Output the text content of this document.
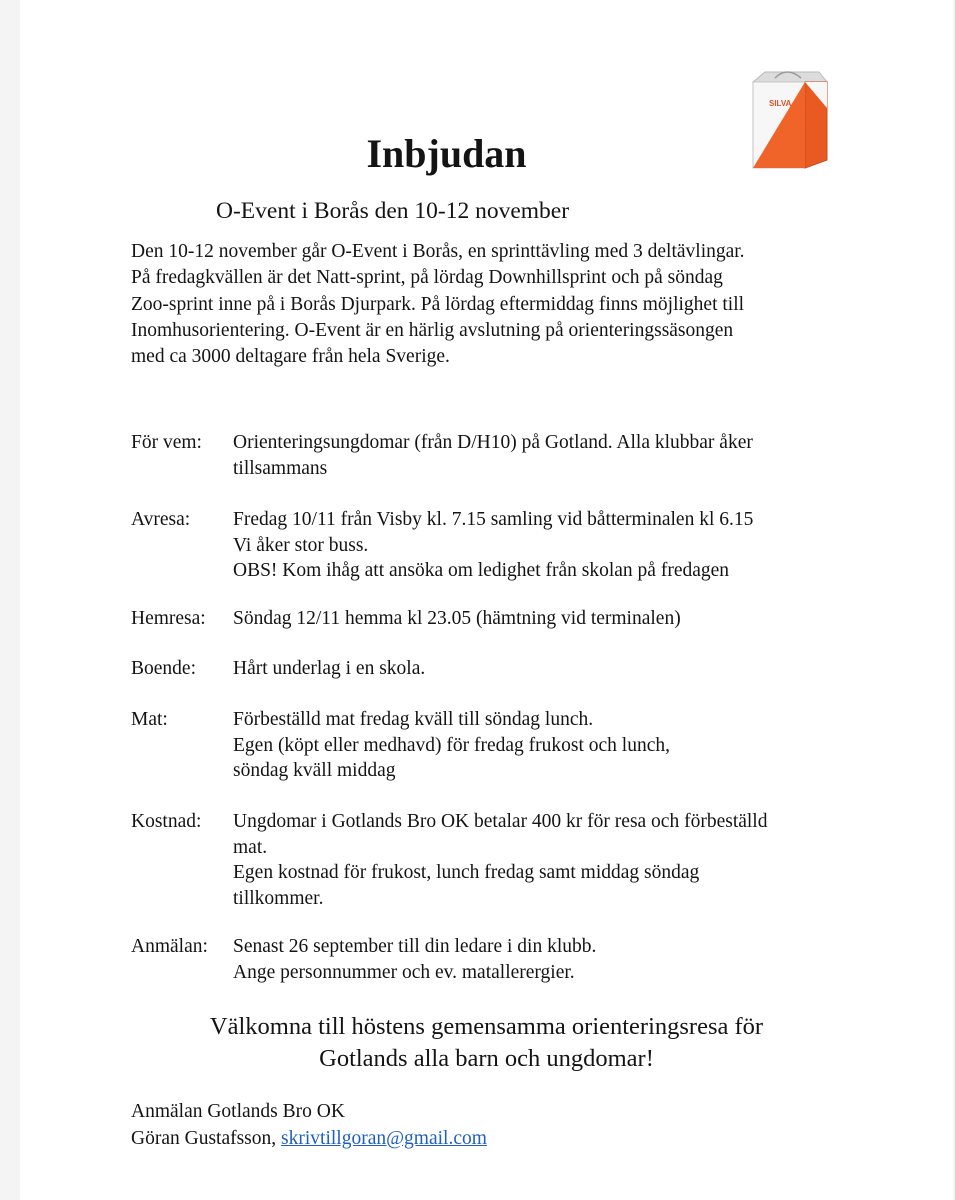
SILVA
Inbjudan
O-Event i Borås den 10-12 november
Den 10-12 november går O-Event i Borås, en sprinttävling med 3 deltävlingar.
På fredagkvällen är det Natt-sprint, på lördag Downhillsprint och på söndag
Zoo-sprint inne på i Borås Djurpark. På lördag eftermiddag finns möjlighet till
Inomhusorientering. O-Event är en härlig avslutning på orienteringssäsongen
med ca 3000 deltagare från hela Sverige.
För vem: Orienteringsungdomar (från D/H10) på Gotland. Alla klubbar åker
tillsammans
Avresa: Fredag 10/11 från Visby kl. 7.15 samling vid båtterminalen kl 6.15
Vi åker stor buss.
OBS! Kom ihåg att ansöka om ledighet från skolan på fredagen
Hemresa: Söndag 12/11 hemma kl 23.05 (hämtning vid terminalen)
Boende: Hårt underlag i en skola.
Mat:	Förbeställd mat fredag kväll till söndag lunch.
Egen (köpt eller medhavd) för fredag frukost och lunch,
söndag kväll middag
Kostnad: Ungdomar i Gotlands Bro OK betalar 400 kr för resa och förbeställd
mat.
Egen kostnad för frukost, lunch fredag samt middag söndag
tillkommer.
Anmälan: Senast 26 september till din ledare i din klubb.
Ange personnummer och ev. matallerergier.
Välkomna till höstens gemensamma orienteringsresa för
Gotlands alla barn och ungdomar!
Anmälan Gotlands Bro OK
Göran Gustafsson, skrivtillgoran@gmail.com
